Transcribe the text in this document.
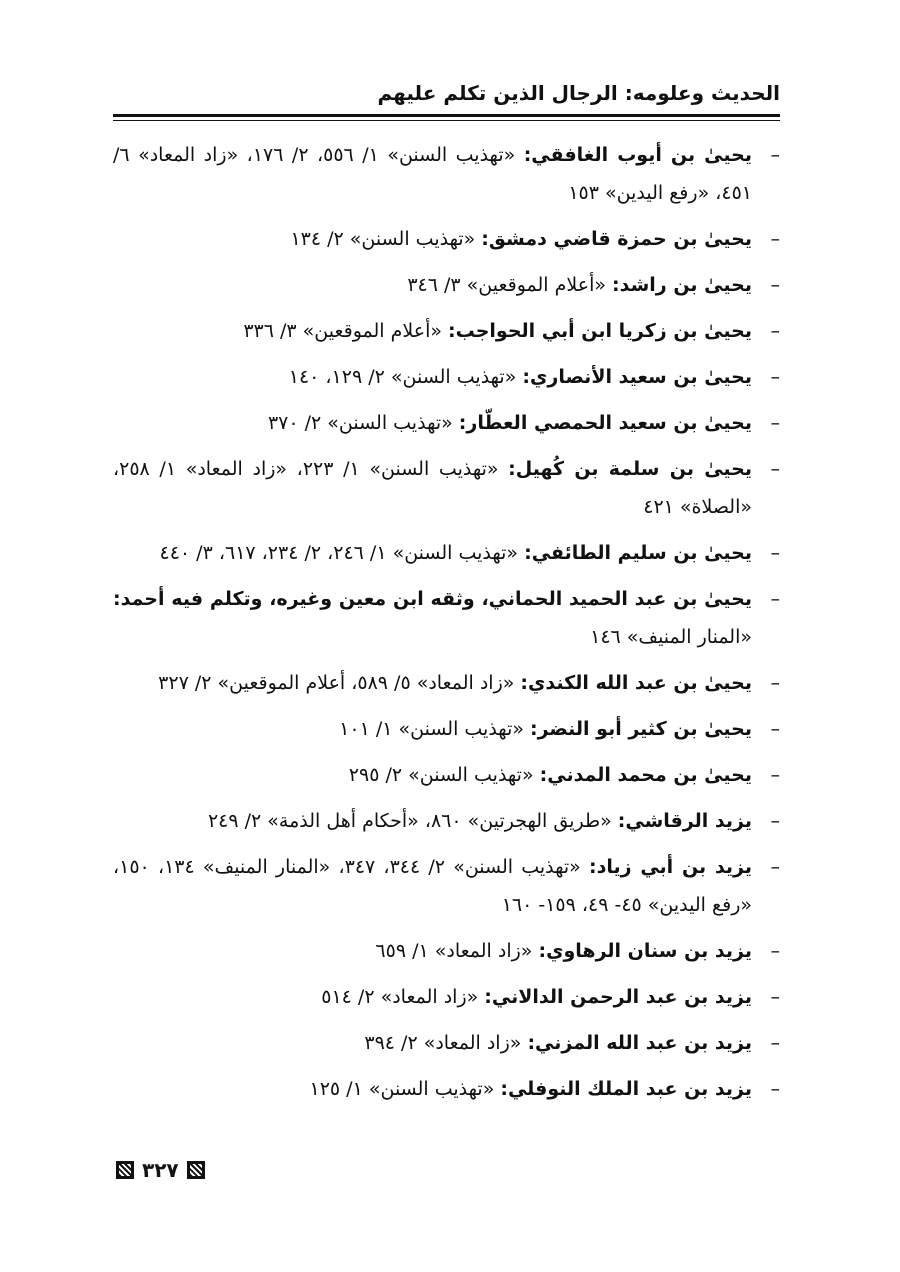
الحديث وعلومه: الرجال الذين تكلم عليهم
–
يحيىٰ بن أيوب الغافقي: «تهذيب السنن» ١/ ٥٥٦، ٢/ ١٧٦، «زاد المعاد» ٦/ ٤٥١، «رفع اليدين» ١٥٣
–
يحيىٰ بن حمزة قاضي دمشق: «تهذيب السنن» ٢/ ١٣٤
–
يحيىٰ بن راشد: «أعلام الموقعين» ٣/ ٣٤٦
–
يحيىٰ بن زكريا ابن أبي الحواجب: «أعلام الموقعين» ٣/ ٣٣٦
–
يحيىٰ بن سعيد الأنصاري: «تهذيب السنن» ٢/ ١٢٩، ١٤٠
–
يحيىٰ بن سعيد الحمصي العطّار: «تهذيب السنن» ٢/ ٣٧٠
–
يحيىٰ بن سلمة بن كُهيل: «تهذيب السنن» ١/ ٢٢٣، «زاد المعاد» ١/ ٢٥٨، «الصلاة» ٤٢١
–
يحيىٰ بن سليم الطائفي: «تهذيب السنن» ١/ ٢٤٦، ٢/ ٢٣٤، ٦١٧، ٣/ ٤٤٠
–
يحيىٰ بن عبد الحميد الحماني، وثقه ابن معين وغيره، وتكلم فيه أحمد: «المنار المنيف» ١٤٦
–
يحيىٰ بن عبد الله الكندي: «زاد المعاد» ٥/ ٥٨٩، أعلام الموقعين» ٢/ ٣٢٧
–
يحيىٰ بن كثير أبو النضر: «تهذيب السنن» ١/ ١٠١
–
يحيىٰ بن محمد المدني: «تهذيب السنن» ٢/ ٢٩٥
–
يزيد الرقاشي: «طريق الهجرتين» ٨٦٠، «أحكام أهل الذمة» ٢/ ٢٤٩
–
يزيد بن أبي زياد: «تهذيب السنن» ٢/ ٣٤٤، ٣٤٧، «المنار المنيف» ١٣٤، ١٥٠، «رفع اليدين» ٤٥- ٤٩، ١٥٩- ١٦٠
–
يزيد بن سنان الرهاوي: «زاد المعاد» ١/ ٦٥٩
–
يزيد بن عبد الرحمن الدالاني: «زاد المعاد» ٢/ ٥١٤
–
يزيد بن عبد الله المزني: «زاد المعاد» ٢/ ٣٩٤
–
يزيد بن عبد الملك النوفلي: «تهذيب السنن» ١/ ١٢٥
٣٢٧
